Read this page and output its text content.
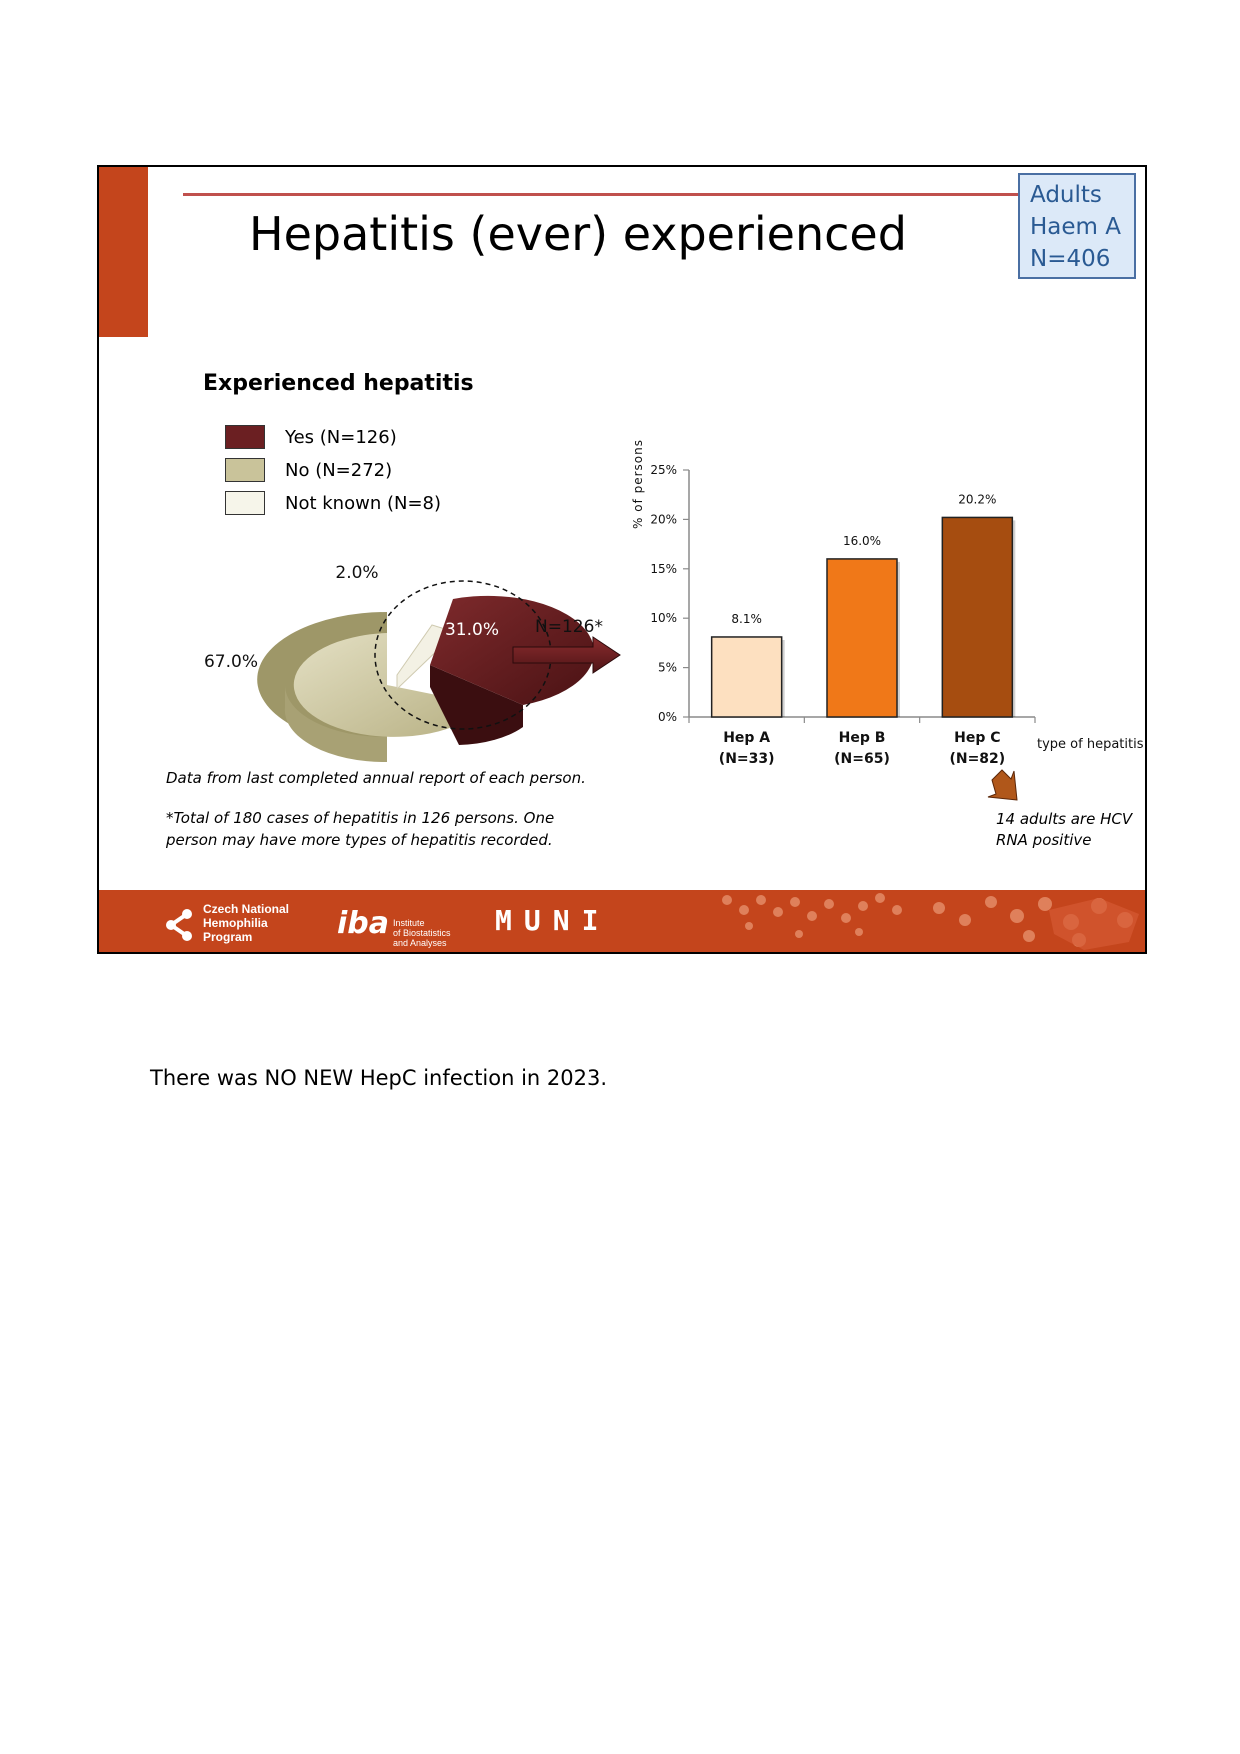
Hepatitis (ever) experienced
Adults
Haem A
N=406
Experienced hepatitis
Yes (N=126)
No (N=272)
Not known (N=8)
31.0%
67.0%
2.0%
N=126*
0%
5%
10%
15%
20%
25%
8.1%
Hep A
(N=33)
16.0%
Hep B
(N=65)
20.2%
Hep C
(N=82)
% of persons
type of hepatitis
Data from last completed annual report of each person.
*Total of 180 cases of hepatitis in 126 persons. One
person may have more types of hepatitis recorded.
14 adults are HCV
RNA positive
Czech National
Hemophilia
Program	iba Institute
of Biostatistics
and Analyses
MUNI
There was NO NEW HepC infection in 2023.
